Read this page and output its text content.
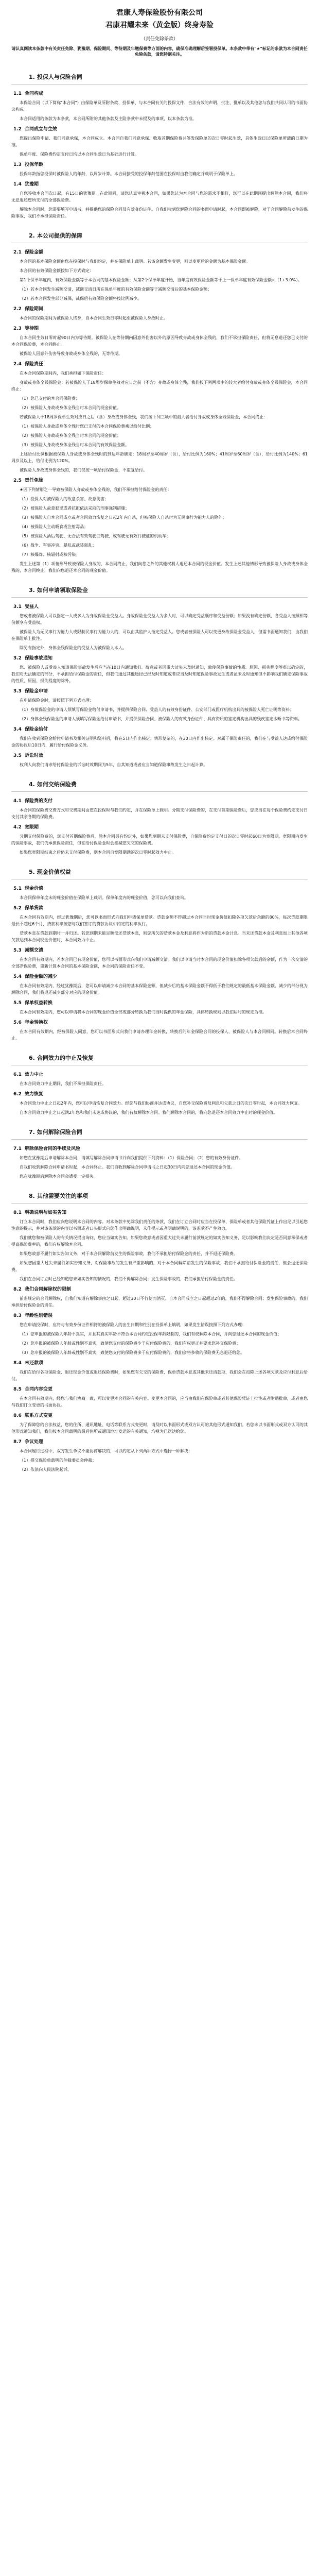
君康人寿保险股份有限公司
君康君耀未来（黄金版）终身寿险
（责任免除条款）
请认真阅读本条款中有关责任免除、犹豫期、保险期间、等待期及年缴保费等方面的内容，确保准确理解后签署投保单。本条款中带有"★"标记的条款为本合同责任免除条款，请您特别关注。
1. 投保人与保险合同
1.1 合同构成
本保险合同（以下简称"本合同"）由保险单及所附条款、投保单、与本合同有关的投保文件、合法有效的声明、批注、批单以及其他您与我们共同认可的书面协议构成。
本合同适用的条款为本条款，本合同所附的其他条款及主险条款中未提及的事项，以本条款为准。
1.2 合同成立与生效
您提出保险申请、我们同意承保，本合同成立。本合同自我们同意承保、收取首期保险费并签发保险单的次日零时起生效，具体生效日以保险单所载的日期为准。
保单年度、保险费约定支付日均以本合同生效日为基础进行计算。
1.3 投保年龄
投保年龄指您投保时被保险人的年龄，以周岁计算。本合同接受的投保年龄范围在投保时由我们确定并载明于保险单上。
1.4 犹豫期
自您签收本合同次日起，有15日的犹豫期。在此期间，请您认真审视本合同，如果您认为本合同与您的需求不相符，您可以在此期间提出解除本合同，我们将无息退还您所支付的全部保险费。
解除本合同时，您需要填写申请书，并提供您的保险合同及有效身份证件。自我们收到您解除合同的书面申请时起，本合同即被解除，对于合同解除前发生的保险事故，我们不承担保险责任。
2. 本公司提供的保障
2.1 保险金额
本合同的基本保险金额由您在投保时与我们约定，并在保险单上载明。若该金额发生变更，则以变更后的金额为基本保险金额。
本合同的有效保险金额按如下方式确定：
第1个保单年度内，有效保险金额等于本合同的基本保险金额；从第2个保单年度开始，当年度有效保险金额等于上一保单年度有效保险金额×（1+3.0%）。
（1）若本合同发生减额交清，减额交清日所在保单年度的有效保险金额等于减额交清后的基本保险金额；
（2）若本合同发生部分减保，减保后有效保险金额将按比例减少。
2.2 保险期间
本合同的保险期间为被保险人终身，自本合同生效日零时起至被保险人身故时止。
2.3 等待期
自本合同生效日零时起90日内为等待期。被保险人在等待期内因意外伤害以外的原因导致身故或身体全残的，我们不承担保险责任，但将无息退还您已支付的本合同保险费，本合同终止。
被保险人因意外伤害导致身故或身体全残的，无等待期。
2.4 保险责任
在本合同保险期间内，我们承担如下保险责任：
身故或身体全残保险金：若被保险人于18周岁保单生效对应日之前（不含）身故或身体全残，我们按下列两项中的较大者给付身故或身体全残保险金，本合同终止：
（1）您已支付的本合同保险费；
（2）被保险人身故或身体全残当时本合同的现金价值。
若被保险人于18周岁保单生效对应日之后（含）身故或身体全残，我们按下列三项中的最大者给付身故或身体全残保险金，本合同终止：
（1）被保险人身故或身体全残时您已支付的本合同保险费乘以给付比例；
（2）被保险人身故或身体全残当时本合同的现金价值；
（3）被保险人身故或身体全残当时本合同的有效保险金额。
上述给付比例根据被保险人身故或身体全残时的到达年龄确定：18周岁至40周岁（含），给付比例为160%；41周岁至60周岁（含），给付比例为140%；61周岁及以上，给付比例为120%。
被保险人身故或身体全残的，我们仅按一项给付保险金，不重复给付。
2.5 责任免除
★因下列情形之一导致被保险人身故或身体全残的，我们不承担给付保险金的责任：
（1）投保人对被保险人的故意杀害、故意伤害；
（2）被保险人故意犯罪或者抗拒依法采取的刑事强制措施；
（3）被保险人自本合同成立或者合同效力恢复之日起2年内自杀，但被保险人自杀时为无民事行为能力人的除外；
（4）被保险人主动吸食或注射毒品；
（5）被保险人酒后驾驶、无合法有效驾驶证驾驶，或驾驶无有效行驶证的机动车；
（6）战争、军事冲突、暴乱或武装叛乱；
（7）核爆炸、核辐射或核污染。
发生上述第（1）项情形导致被保险人身故的，本合同终止，我们向您之外的其他权利人退还本合同的现金价值。发生上述其他情形导致被保险人身故或身体全残的，本合同终止，我们向您退还本合同的现金价值。
3. 如何申请领取保险金
3.1 受益人
您或者被保险人可以指定一人或多人为身故保险金受益人。身故保险金受益人为多人时，可以确定受益顺序和受益份额；如果没有确定份额，各受益人按照相等份额享有受益权。
被保险人为无民事行为能力人或限制民事行为能力人的，可以由其监护人指定受益人。您或者被保险人可以变更身故保险金受益人，但需书面通知我们，由我们在保险单上批注。
除另有指定外，身体全残保险金的受益人为被保险人本人。
3.2 保险事故通知
您、被保险人或受益人知道保险事故发生后应当在10日内通知我们。故意或者因重大过失未及时通知，致使保险事故的性质、原因、损失程度等难以确定的，我们对无法确定的部分，不承担给付保险金的责任，但我们通过其他途径已经及时知道或者应当及时知道保险事故发生或者虽未及时通知但不影响我们确定保险事故的性质、原因、损失程度的除外。
3.3 保险金申请
在申请保险金时，请按照下列方式办理：
（1）身故保险金的申请人须填写保险金给付申请书，并提供保险合同、受益人的有效身份证件、公安部门或医疗机构出具的被保险人死亡证明等资料；
（2）身体全残保险金的申请人须填写保险金给付申请书，并提供保险合同、被保险人的有效身份证件、具有资质的鉴定机构出具的残疾鉴定诊断书等资料。
3.4 保险金给付
我们在收到保险金给付申请书及相关证明和资料后，将在5日内作出核定；情形复杂的，在30日内作出核定。对属于保险责任的，我们在与受益人达成给付保险金的协议后10日内，履行给付保险金义务。
3.5 诉讼时效
权利人向我们请求给付保险金的诉讼时效期间为5年，自其知道或者应当知道保险事故发生之日起计算。
4. 如何交纳保险费
4.1 保险费的支付
本合同的保险费交费方式和交费期间由您在投保时与我们约定，并在保险单上载明。分期支付保险费的，在支付首期保险费后，您应当在每个保险费约定支付日支付其余各期的保险费。
4.2 宽限期
分期支付保险费的，您支付首期保险费后，除本合同另有约定外，如果您到期未支付保险费，自保险费约定支付日的次日零时起60日为宽限期。宽限期内发生的保险事故，我们仍承担保险责任，但在给付保险金时会扣减您欠交的保险费。
如果您宽限期结束之后仍未支付保险费，则本合同自宽限期满的次日零时起效力中止。
5. 现金价值权益
5.1 现金价值
本合同保单年度末的现金价值在保险单上载明。保单年度内的现金价值，您可以向我们查询。
5.2 保单贷款
在本合同有效期内，经过犹豫期后，您可以书面形式向我们申请保单贷款。贷款金额不得超过本合同当时现金价值扣除各项欠款后余额的80%，每次贷款期限最长不超过6个月，贷款利率按您与我们签订的贷款协议中约定的利率执行。
贷款本息在贷款到期时一并归还。若您到期未能足额偿还贷款本息，则您所欠的贷款本金及利息将作为新的贷款本金计息。当未还贷款本金及利息加上其他各项欠款达到本合同现金价值时，本合同效力中止。
5.3 减额交清
在本合同有效期内，若本合同已有现金价值，您可以书面形式向我们申请减额交清。我们以申请当时本合同的现金价值扣除各项欠款后的余额，作为一次交清的全部净保险费，重新计算本合同的基本保险金额，本合同的保险责任不变。
5.4 保险金额的减少
在本合同有效期内，经过犹豫期后，您可以申请减少本合同的基本保险金额，但减少后的基本保险金额不得低于我们规定的最低基本保险金额。减少的部分视为解除合同，我们将退还减少部分对应的现金价值。
5.5 保单权益转换
在本合同有效期内，您可以申请将本合同的现金价值全部或部分转换为我们当时提供的年金保险，具体转换规则以我们届时的规定为准。
5.6 年金转换权
在本合同有效期内，经被保险人同意，您可以书面形式向我们申请办理年金转换，转换后的年金保险合同的投保人、被保险人与本合同相同。转换后本合同终止。
6. 合同效力的中止及恢复
6.1 效力中止
在本合同效力中止期间，我们不承担保险责任。
6.2 效力恢复
本合同效力中止之日起2年内，您可以申请恢复合同效力。经您与我们协商并达成协议，自您补交保险费及利息和欠款之日的次日零时起，本合同效力恢复。
自本合同效力中止之日起满2年您和我们未达成协议的，我们有权解除本合同。我们解除本合同的，将向您退还本合同效力中止时的现金价值。
7. 如何解除保险合同
7.1 解除保险合同的手续及风险
如您在犹豫期后申请解除本合同，请填写解除合同申请书并向我们提供下列资料：（1）保险合同；（2）您的有效身份证件。
自我们收到解除合同申请书时起，本合同终止。我们自收到解除合同申请书之日起30日内向您退还本合同的现金价值。
您在犹豫期后解除本合同会遭受一定损失。
8. 其他需要关注的事项
8.1 明确说明与如实告知
订立本合同时，我们应向您说明本合同的内容。对本条款中免除我们责任的条款，我们在订立合同时应当在投保单、保险单或者其他保险凭证上作出足以引起您注意的提示，并对该条款的内容以书面或者口头形式向您作出明确说明，未作提示或者明确说明的，该条款不产生效力。
我们就您和被保险人的有关情况提出询问，您应当如实告知。如果您故意或者因重大过失未履行前款规定的如实告知义务，足以影响我们决定是否同意承保或者提高保险费率的，我们有权解除本合同。
如果您故意不履行如实告知义务，对于本合同解除前发生的保险事故，我们不承担给付保险金的责任，并不退还保险费。
如果您因重大过失未履行如实告知义务，对保险事故的发生有严重影响的，对于本合同解除前发生的保险事故，我们不承担给付保险金的责任，但会退还保险费。
我们在合同订立时已经知道您未如实告知的情况的，我们不得解除合同；发生保险事故的，我们承担给付保险金的责任。
8.2 我们合同解除权的限制
前条规定的合同解除权，自我们知道有解除事由之日起，超过30日不行使而消灭。自本合同成立之日起超过2年的，我们不得解除合同；发生保险事故的，我们承担给付保险金的责任。
8.3 年龄性别错误
您在申请投保时，应将与有效身份证件相符的被保险人的出生日期和性别在投保单上填明，如果发生错误按照下列方式办理：
（1）您申报的被保险人年龄不真实，并且其真实年龄不符合本合同约定投保年龄限制的，我们有权解除本合同，并向您退还本合同的现金价值；
（2）您申报的被保险人年龄或性别不真实，致使您支付的保险费少于应付保险费的，我们有权更正并要求您补交保险费；
（3）您申报的被保险人年龄或性别不真实，致使您支付的保险费多于应付保险费的，我们会将多收的保险费无息退还给您。
8.4 未还款项
我们在给付各项保险金、退还现金价值或退还保险费时，如果您有欠交的保险费、保单贷款本息或其他未还清款项，我们会在扣除上述各项欠款及应付利息后给付。
8.5 合同内容变更
在本合同有效期内，经您与我们协商一致，可以变更本合同的有关内容。变更本合同的，应当由我们在保险单或者其他保险凭证上批注或者附贴批单，或者由您与我们订立变更的书面协议。
8.6 联系方式变更
为了保障您的合法权益，您的住所、通讯地址、电话等联系方式变更时，请及时以书面形式或双方认可的其他形式通知我们。若您未以书面形式或双方认可的其他形式通知我们，我们按本合同载明的最后住所或通讯地址发送的有关通知，均视为已送达给您。
8.7 争议处理
本合同履行过程中，双方发生争议不能协商解决的，可以约定从下列两种方式中选择一种解决：
（1）提交保险单载明的仲裁委员会仲裁；
（2）依法向人民法院起诉。
